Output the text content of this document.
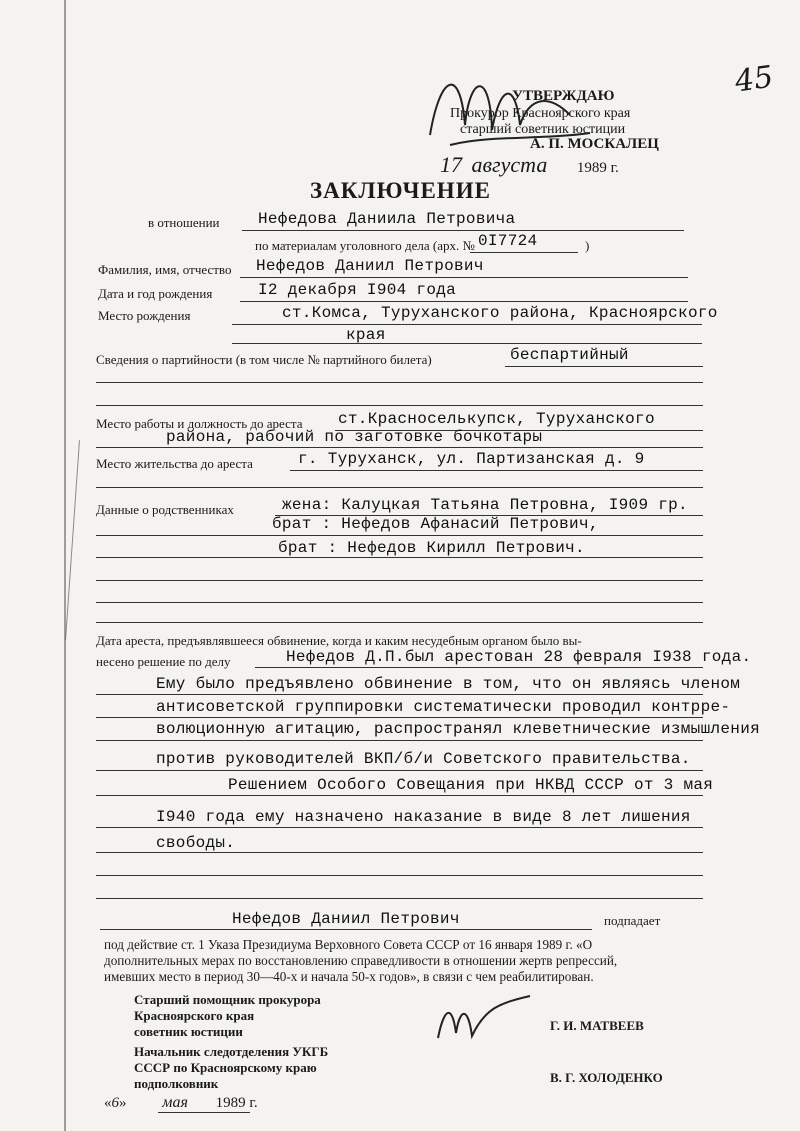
45
УТВЕРЖДАЮ
Прокурор Красноярского края
старший советник юстиции
А. П. МОСКАЛЕЦ
17 августа 1989 г.
ЗАКЛЮЧЕНИЕ
в отношении Нефедова Даниила Петровича
по материалам уголовного дела (арх. № 0I7724	)
Фамилия, имя, отчество Нефедов Даниил Петрович
Дата и год рождения	I2 декабря I904 года
Место рождения	ст.Комса, Туруханского района, Красноярского
края
Сведения о партийности (в том числе № партийного билета)	беспартийный
Место работы и должность до ареста ст.Красноселькупск, Туруханского
района, рабочий по заготовке бочкотары
Место жительства до ареста	г. Туруханск, ул. Партизанская д. 9
Данные о родственниках	жена: Калуцкая Татьяна Петровна, I909 гр.
брат : Нефедов Афанасий Петрович,
брат : Нефедов Кирилл Петрович.
Дата ареста, предъявлявшееся обвинение, когда и каким несудебным органом было вы-
несено решение по делу	Нефедов Д.П.был арестован 28 февраля I938 года.
Ему было предъявлено обвинение в том, что он являясь членом
антисоветской группировки систематически проводил контрре-
волюционную агитацию, распространял клеветнические измышления
против руководителей ВКП/б/и Советского правительства.
Решением Особого Совещания при НКВД СССР от 3 мая
I940 года ему назначено наказание в виде 8 лет лишения
свободы.
Нефедов Даниил Петрович	подпадает
под действие ст. 1 Указа Президиума Верховного Совета СССР от 16 января 1989 г. «О
дополнительных мерах по восстановлению справедливости в отношении жертв репрессий,
имевших место в период 30—40-х и начала 50-х годов», в связи с чем реабилитирован.
Старший помощник прокурора
Красноярского края
советник юстиции	Г. И. МАТВЕЕВ
Начальник следотделения УКГБ
СССР по Красноярскому краю
подполковник	В. Г. ХОЛОДЕНКО
«6» мая 1989 г.
